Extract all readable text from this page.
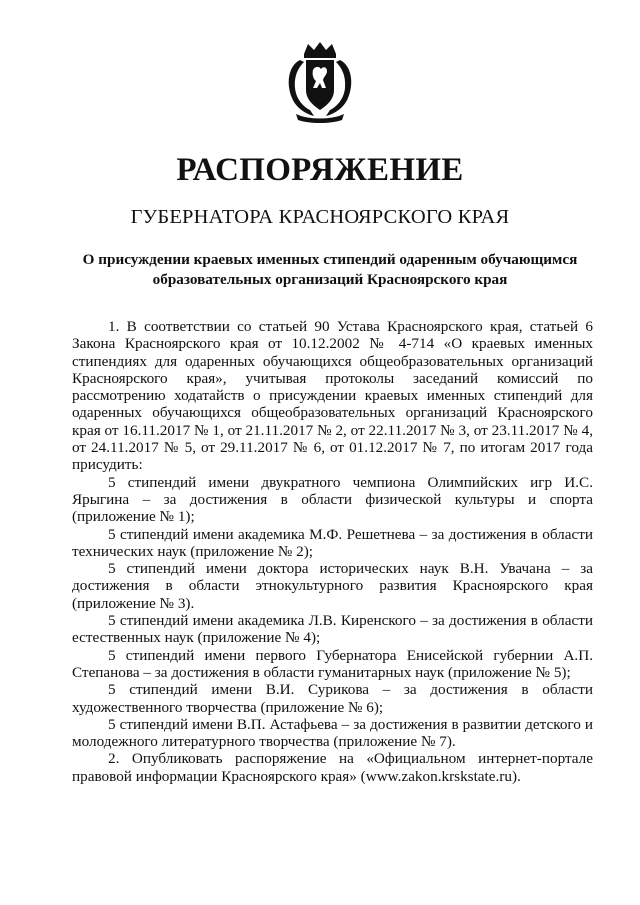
РАСПОРЯЖЕНИЕ
ГУБЕРНАТОРА КРАСНОЯРСКОГО КРАЯ
О присуждении краевых именных стипендий одаренным обучающимся
образовательных организаций Красноярского края

1. В соответствии со статьей 90 Устава Красноярского края, статьей 6 Закона Красноярского края от 10.12.2002 № 4-714 «О краевых именных стипендиях для одаренных обучающихся общеобразовательных организаций Красноярского края», учитывая протоколы заседаний комиссий по рассмотрению ходатайств о присуждении краевых именных стипендий для одаренных обучающихся общеобразовательных организаций Красноярского края от 16.11.2017 № 1, от 21.11.2017 № 2, от 22.11.2017 № 3, от 23.11.2017 № 4, от 24.11.2017 № 5, от 29.11.2017 № 6, от 01.12.2017 № 7, по итогам 2017 года присудить:

5 стипендий имени двукратного чемпиона Олимпийских игр И.С. Ярыгина – за достижения в области физической культуры и спорта (приложение № 1);

5 стипендий имени академика М.Ф. Решетнева – за достижения в области технических наук (приложение № 2);

5 стипендий имени доктора исторических наук В.Н. Увачана – за достижения в области этнокультурного развития Красноярского края (приложение № 3).

5 стипендий имени академика Л.В. Киренского – за достижения в области естественных наук (приложение № 4);

5 стипендий имени первого Губернатора Енисейской губернии А.П. Степанова – за достижения в области гуманитарных наук (приложение № 5);

5 стипендий имени В.И. Сурикова – за достижения в области художественного творчества (приложение № 6);

5 стипендий имени В.П. Астафьева – за достижения в развитии детского и молодежного литературного творчества (приложение № 7).

2. Опубликовать распоряжение на «Официальном интернет-портале правовой информации Красноярского края» (www.zakon.krskstate.ru).
